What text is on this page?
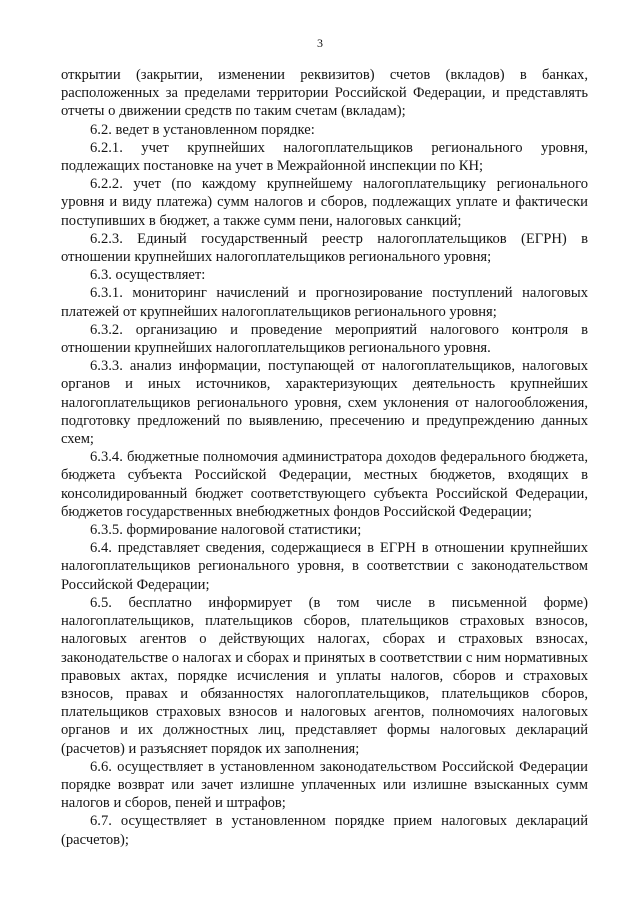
3

открытии (закрытии, изменении реквизитов) счетов (вкладов) в банках, расположенных за пределами территории Российской Федерации, и представлять отчеты о движении средств по таким счетам (вкладам);

6.2. ведет в установленном порядке:

6.2.1. учет крупнейших налогоплательщиков регионального уровня, подлежащих постановке на учет в Межрайонной инспекции по КН;

6.2.2. учет (по каждому крупнейшему налогоплательщику регионального уровня и виду платежа) сумм налогов и сборов, подлежащих уплате и фактически поступивших в бюджет, а также сумм пени, налоговых санкций;

6.2.3. Единый государственный реестр налогоплательщиков (ЕГРН) в отношении крупнейших налогоплательщиков регионального уровня;

6.3. осуществляет:

6.3.1. мониторинг начислений и прогнозирование поступлений налоговых платежей от крупнейших налогоплательщиков регионального уровня;

6.3.2. организацию и проведение мероприятий налогового контроля в отношении крупнейших налогоплательщиков регионального уровня.

6.3.3. анализ информации, поступающей от налогоплательщиков, налоговых органов и иных источников, характеризующих деятельность крупнейших налогоплательщиков регионального уровня, схем уклонения от налогообложения, подготовку предложений по выявлению, пресечению и предупреждению данных схем;

6.3.4. бюджетные полномочия администратора доходов федерального бюджета, бюджета субъекта Российской Федерации, местных бюджетов, входящих в консолидированный бюджет соответствующего субъекта Российской Федерации, бюджетов государственных внебюджетных фондов Российской Федерации;

6.3.5. формирование налоговой статистики;

6.4. представляет сведения, содержащиеся в ЕГРН в отношении крупнейших налогоплательщиков регионального уровня, в соответствии с законодательством Российской Федерации;

6.5. бесплатно информирует (в том числе в письменной форме) налогоплательщиков, плательщиков сборов, плательщиков страховых взносов, налоговых агентов о действующих налогах, сборах и страховых взносах, законодательстве о налогах и сборах и принятых в соответствии с ним нормативных правовых актах, порядке исчисления и уплаты налогов, сборов и страховых взносов, правах и обязанностях налогоплательщиков, плательщиков сборов, плательщиков страховых взносов и налоговых агентов, полномочиях налоговых органов и их должностных лиц, представляет формы налоговых деклараций (расчетов) и разъясняет порядок их заполнения;

6.6. осуществляет в установленном законодательством Российской Федерации порядке возврат или зачет излишне уплаченных или излишне взысканных сумм налогов и сборов, пеней и штрафов;

6.7. осуществляет в установленном порядке прием налоговых деклараций (расчетов);
